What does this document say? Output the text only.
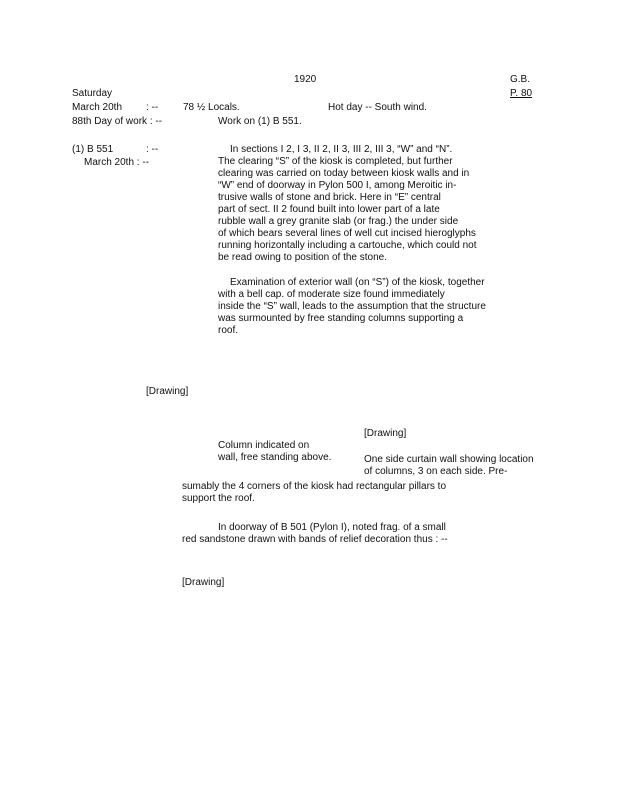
1920	G.B.
Saturday	P. 80
March 20th : -- 78 ½ Locals.	Hot day -- South wind.
88th Day of work : --	Work on (1) B 551.
(1) B 551	: --
March 20th : --
In sections I 2, I 3, II 2, II 3, III 2, III 3, “W” and “N”.
The clearing “S” of the kiosk is completed, but further
clearing was carried on today between kiosk walls and in
“W” end of doorway in Pylon 500 I, among Meroitic in-
trusive walls of stone and brick. Here in “E” central
part of sect. II 2 found built into lower part of a late
rubble wall a grey granite slab (or frag.) the under side
of which bears several lines of well cut incised hieroglyphs
running horizontally including a cartouche, which could not
be read owing to position of the stone.
Examination of exterior wall (on “S”) of the kiosk, together
with a bell cap. of moderate size found immediately
inside the “S” wall, leads to the assumption that the structure
was surmounted by free standing columns supporting a
roof.
[Drawing]
[Drawing]
Column indicated on
wall, free standing above.	One side curtain wall showing location
of columns, 3 on each side. Pre-
sumably the 4 corners of the kiosk had rectangular pillars to
support the roof.
In doorway of B 501 (Pylon I), noted frag. of a small
red sandstone drawn with bands of relief decoration thus : --
[Drawing]
